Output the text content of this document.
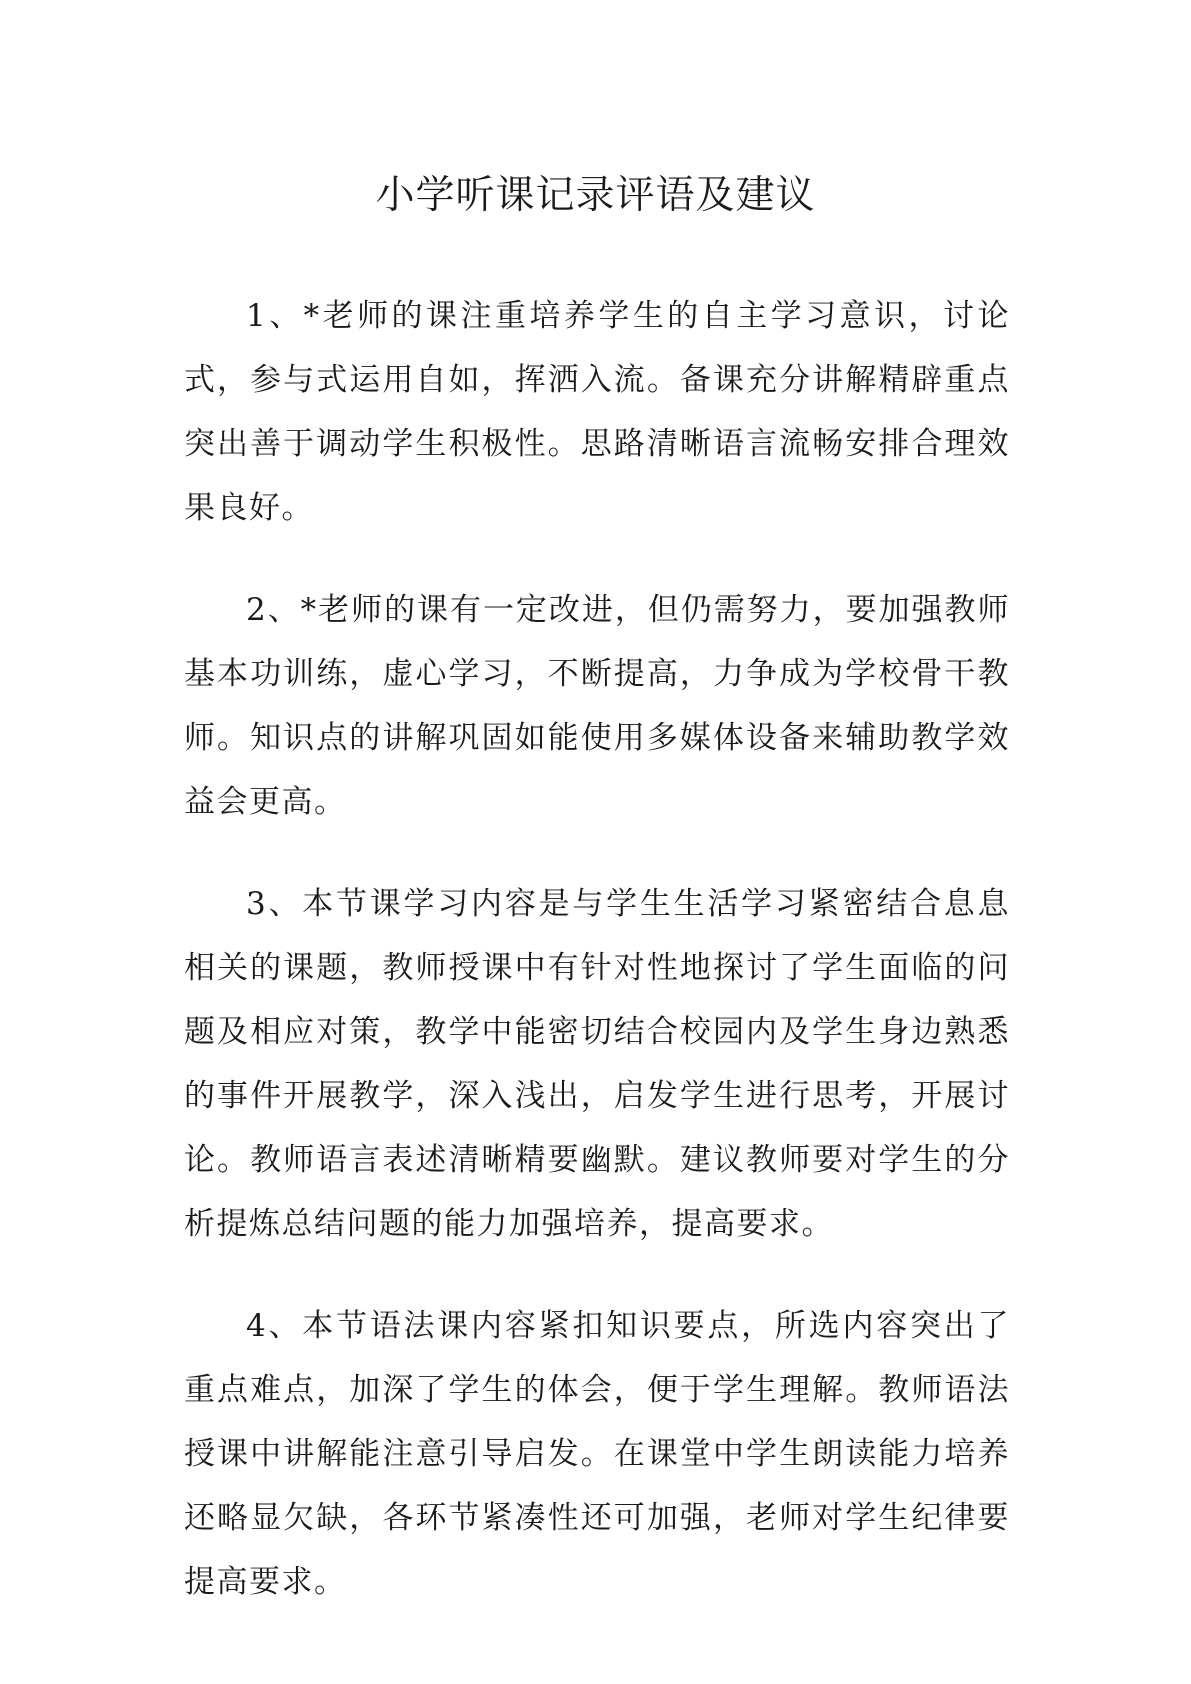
小学听课记录评语及建议

1、*老师的课注重培养学生的自主学习意识，讨论式，参与式运用自如，挥洒入流。备课充分讲解精辟重点突出善于调动学生积极性。思路清晰语言流畅安排合理效果良好。

2、*老师的课有一定改进，但仍需努力，要加强教师基本功训练，虚心学习，不断提高，力争成为学校骨干教师。知识点的讲解巩固如能使用多媒体设备来辅助教学效益会更高。

3、本节课学习内容是与学生生活学习紧密结合息息相关的课题，教师授课中有针对性地探讨了学生面临的问题及相应对策，教学中能密切结合校园内及学生身边熟悉的事件开展教学，深入浅出，启发学生进行思考，开展讨论。教师语言表述清晰精要幽默。建议教师要对学生的分析提炼总结问题的能力加强培养，提高要求。

4、本节语法课内容紧扣知识要点，所选内容突出了重点难点，加深了学生的体会，便于学生理解。教师语法授课中讲解能注意引导启发。在课堂中学生朗读能力培养还略显欠缺，各环节紧凑性还可加强，老师对学生纪律要提高要求。
